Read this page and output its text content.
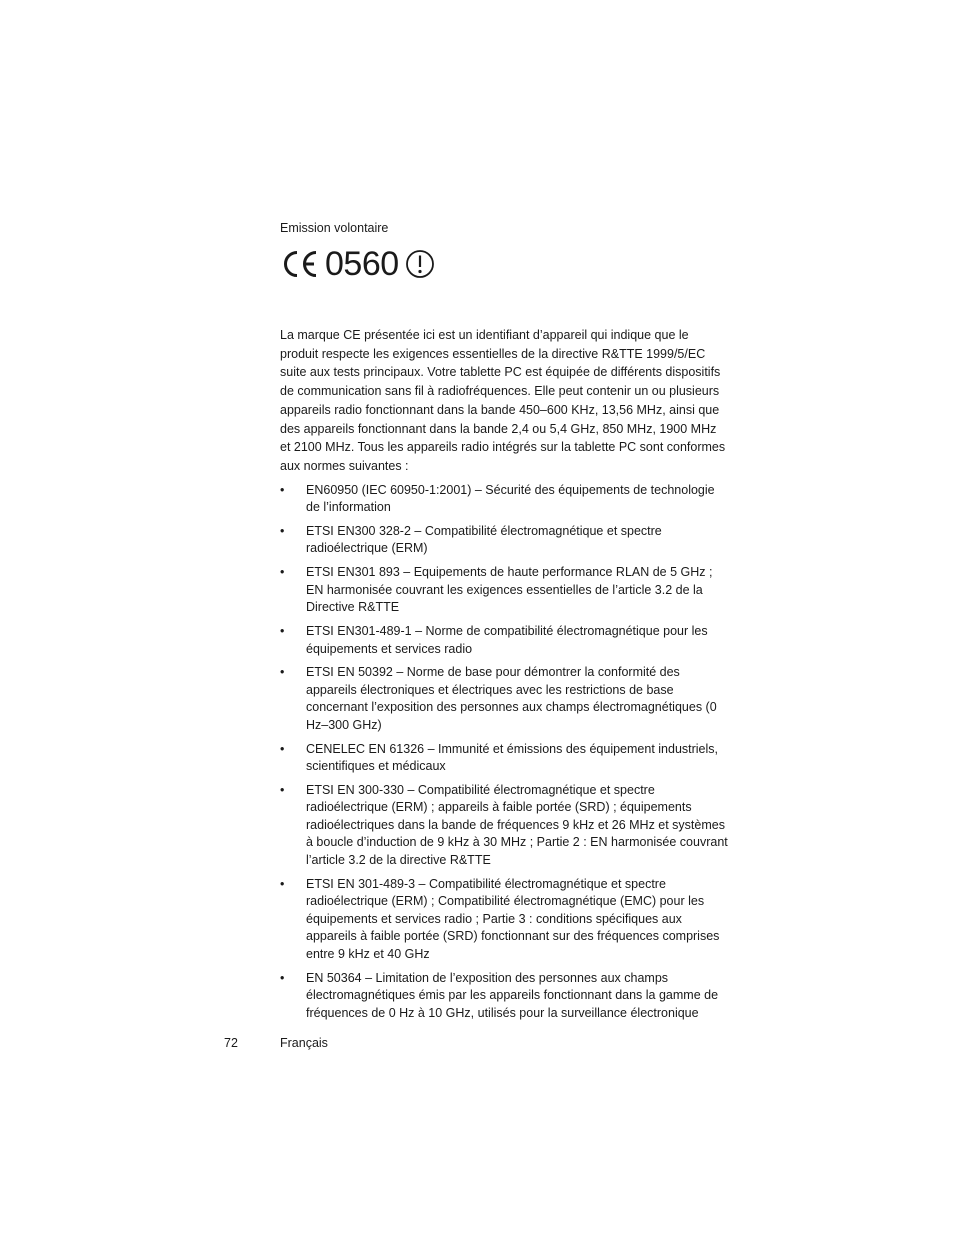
Emission volontaire

0560

La marque CE présentée ici est un identifiant d’appareil qui indique que le produit respecte les exigences essentielles de la directive R&TTE 1999/5/EC suite aux tests principaux. Votre tablette PC est équipée de différents dispositifs de communication sans fil à radiofréquences. Elle peut contenir un ou plusieurs appareils radio fonctionnant dans la bande 450–600 KHz, 13,56 MHz, ainsi que des appareils fonctionnant dans la bande 2,4 ou 5,4 GHz, 850 MHz, 1900 MHz et 2100 MHz. Tous les appareils radio intégrés sur la tablette PC sont conformes aux normes suivantes :

• EN60950 (IEC 60950-1:2001) – Sécurité des équipements de technologie de l’information
• ETSI EN300 328-2 – Compatibilité électromagnétique et spectre radioélectrique (ERM)
• ETSI EN301 893 – Equipements de haute performance RLAN de 5 GHz ; EN harmonisée couvrant les exigences essentielles de l’article 3.2 de la Directive R&TTE
• ETSI EN301-489-1 – Norme de compatibilité électromagnétique pour les équipements et services radio
• ETSI EN 50392 – Norme de base pour démontrer la conformité des appareils électroniques et électriques avec les restrictions de base concernant l’exposition des personnes aux champs électromagnétiques (0 Hz–300 GHz)
• CENELEC EN 61326 – Immunité et émissions des équipement industriels, scientifiques et médicaux
• ETSI EN 300-330 – Compatibilité électromagnétique et spectre radioélectrique (ERM) ; appareils à faible portée (SRD) ; équipements radioélectriques dans la bande de fréquences 9 kHz et 26 MHz et systèmes à boucle d’induction de 9 kHz à 30 MHz ; Partie 2 : EN harmonisée couvrant l’article 3.2 de la directive R&TTE
• ETSI EN 301-489-3 – Compatibilité électromagnétique et spectre radioélectrique (ERM) ; Compatibilité électromagnétique (EMC) pour les équipements et services radio ; Partie 3 : conditions spécifiques aux appareils à faible portée (SRD) fonctionnant sur des fréquences comprises entre 9 kHz et 40 GHz
• EN 50364 – Limitation de l’exposition des personnes aux champs électromagnétiques émis par les appareils fonctionnant dans la gamme de fréquences de 0 Hz à 10 GHz, utilisés pour la surveillance électronique
72	Français
